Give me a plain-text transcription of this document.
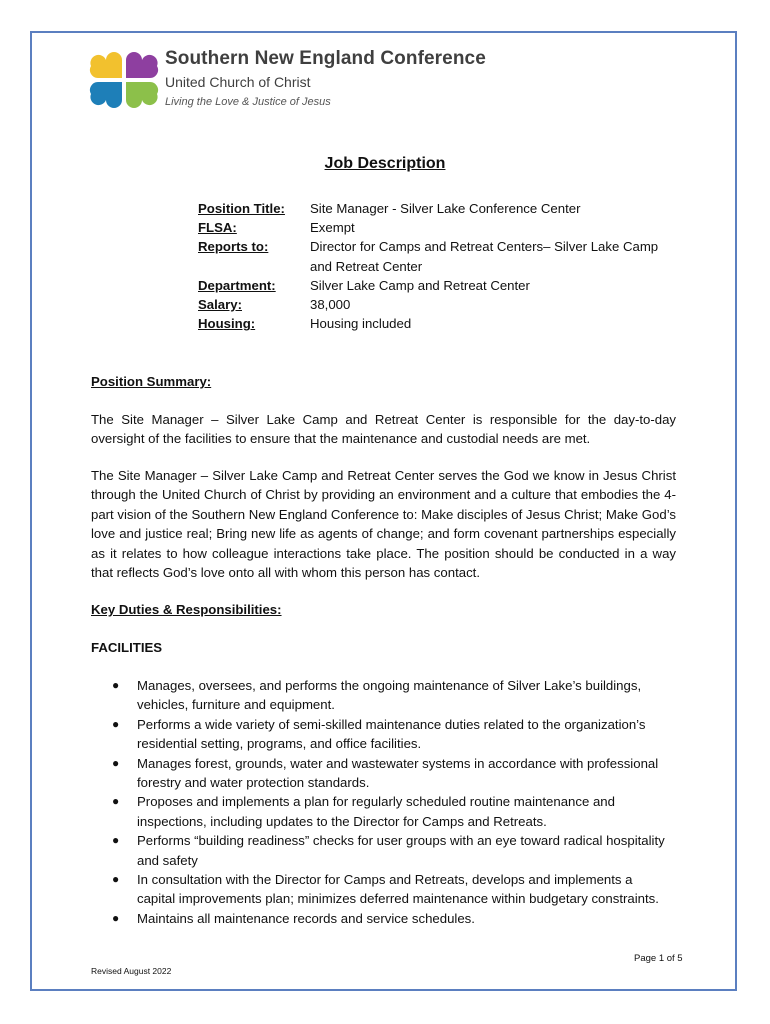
Southern New England Conference
United Church of Christ
Living the Love & Justice of Jesus
Job Description
Position Title:	Site Manager - Silver Lake Conference Center
FLSA:	Exempt
Reports to:	Director for Camps and Retreat Centers– Silver Lake Camp and Retreat Center
Department:	Silver Lake Camp and Retreat Center
Salary:	38,000
Housing:	Housing included
Position Summary:

The Site Manager – Silver Lake Camp and Retreat Center is responsible for the day-to-day oversight of the facilities to ensure that the maintenance and custodial needs are met.

The Site Manager – Silver Lake Camp and Retreat Center serves the God we know in Jesus Christ through the United Church of Christ by providing an environment and a culture that embodies the 4-part vision of the Southern New England Conference to: Make disciples of Jesus Christ; Make God’s love and justice real; Bring new life as agents of change; and form covenant partnerships especially as it relates to how colleague interactions take place. The position should be conducted in a way that reflects God’s love onto all with whom this person has contact.

Key Duties & Responsibilities:
FACILITIES
●	Manages, oversees, and performs the ongoing maintenance of Silver Lake’s buildings, vehicles, furniture and equipment.
●	Performs a wide variety of semi-skilled maintenance duties related to the organization’s residential setting, programs, and office facilities.
●	Manages forest, grounds, water and wastewater systems in accordance with professional forestry and water protection standards.
●	Proposes and implements a plan for regularly scheduled routine maintenance and inspections, including updates to the Director for Camps and Retreats.
●	Performs “building readiness” checks for user groups with an eye toward radical hospitality and safety
●	In consultation with the Director for Camps and Retreats, develops and implements a capital improvements plan; minimizes deferred maintenance within budgetary constraints.
●	Maintains all maintenance records and service schedules.
Page 1 of 5
Revised August 2022
